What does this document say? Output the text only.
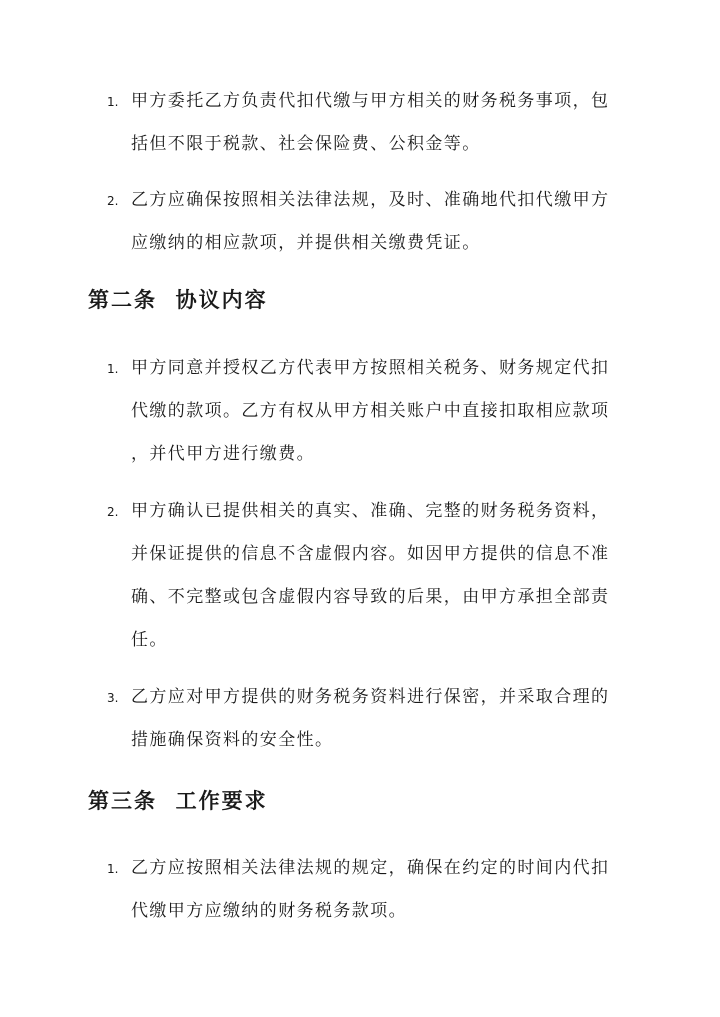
1. 甲方委托乙方负责代扣代缴与甲方相关的财务税务事项，包
括但不限于税款、社会保险费、公积金等。
2. 乙方应确保按照相关法律法规，及时、准确地代扣代缴甲方
应缴纳的相应款项，并提供相关缴费凭证。
第二条  协议内容
1. 甲方同意并授权乙方代表甲方按照相关税务、财务规定代扣
代缴的款项。乙方有权从甲方相关账户中直接扣取相应款项
，并代甲方进行缴费。
2. 甲方确认已提供相关的真实、准确、完整的财务税务资料，
并保证提供的信息不含虚假内容。如因甲方提供的信息不准
确、不完整或包含虚假内容导致的后果，由甲方承担全部责
任。
3. 乙方应对甲方提供的财务税务资料进行保密，并采取合理的
措施确保资料的安全性。
第三条  工作要求
1. 乙方应按照相关法律法规的规定，确保在约定的时间内代扣
代缴甲方应缴纳的财务税务款项。
